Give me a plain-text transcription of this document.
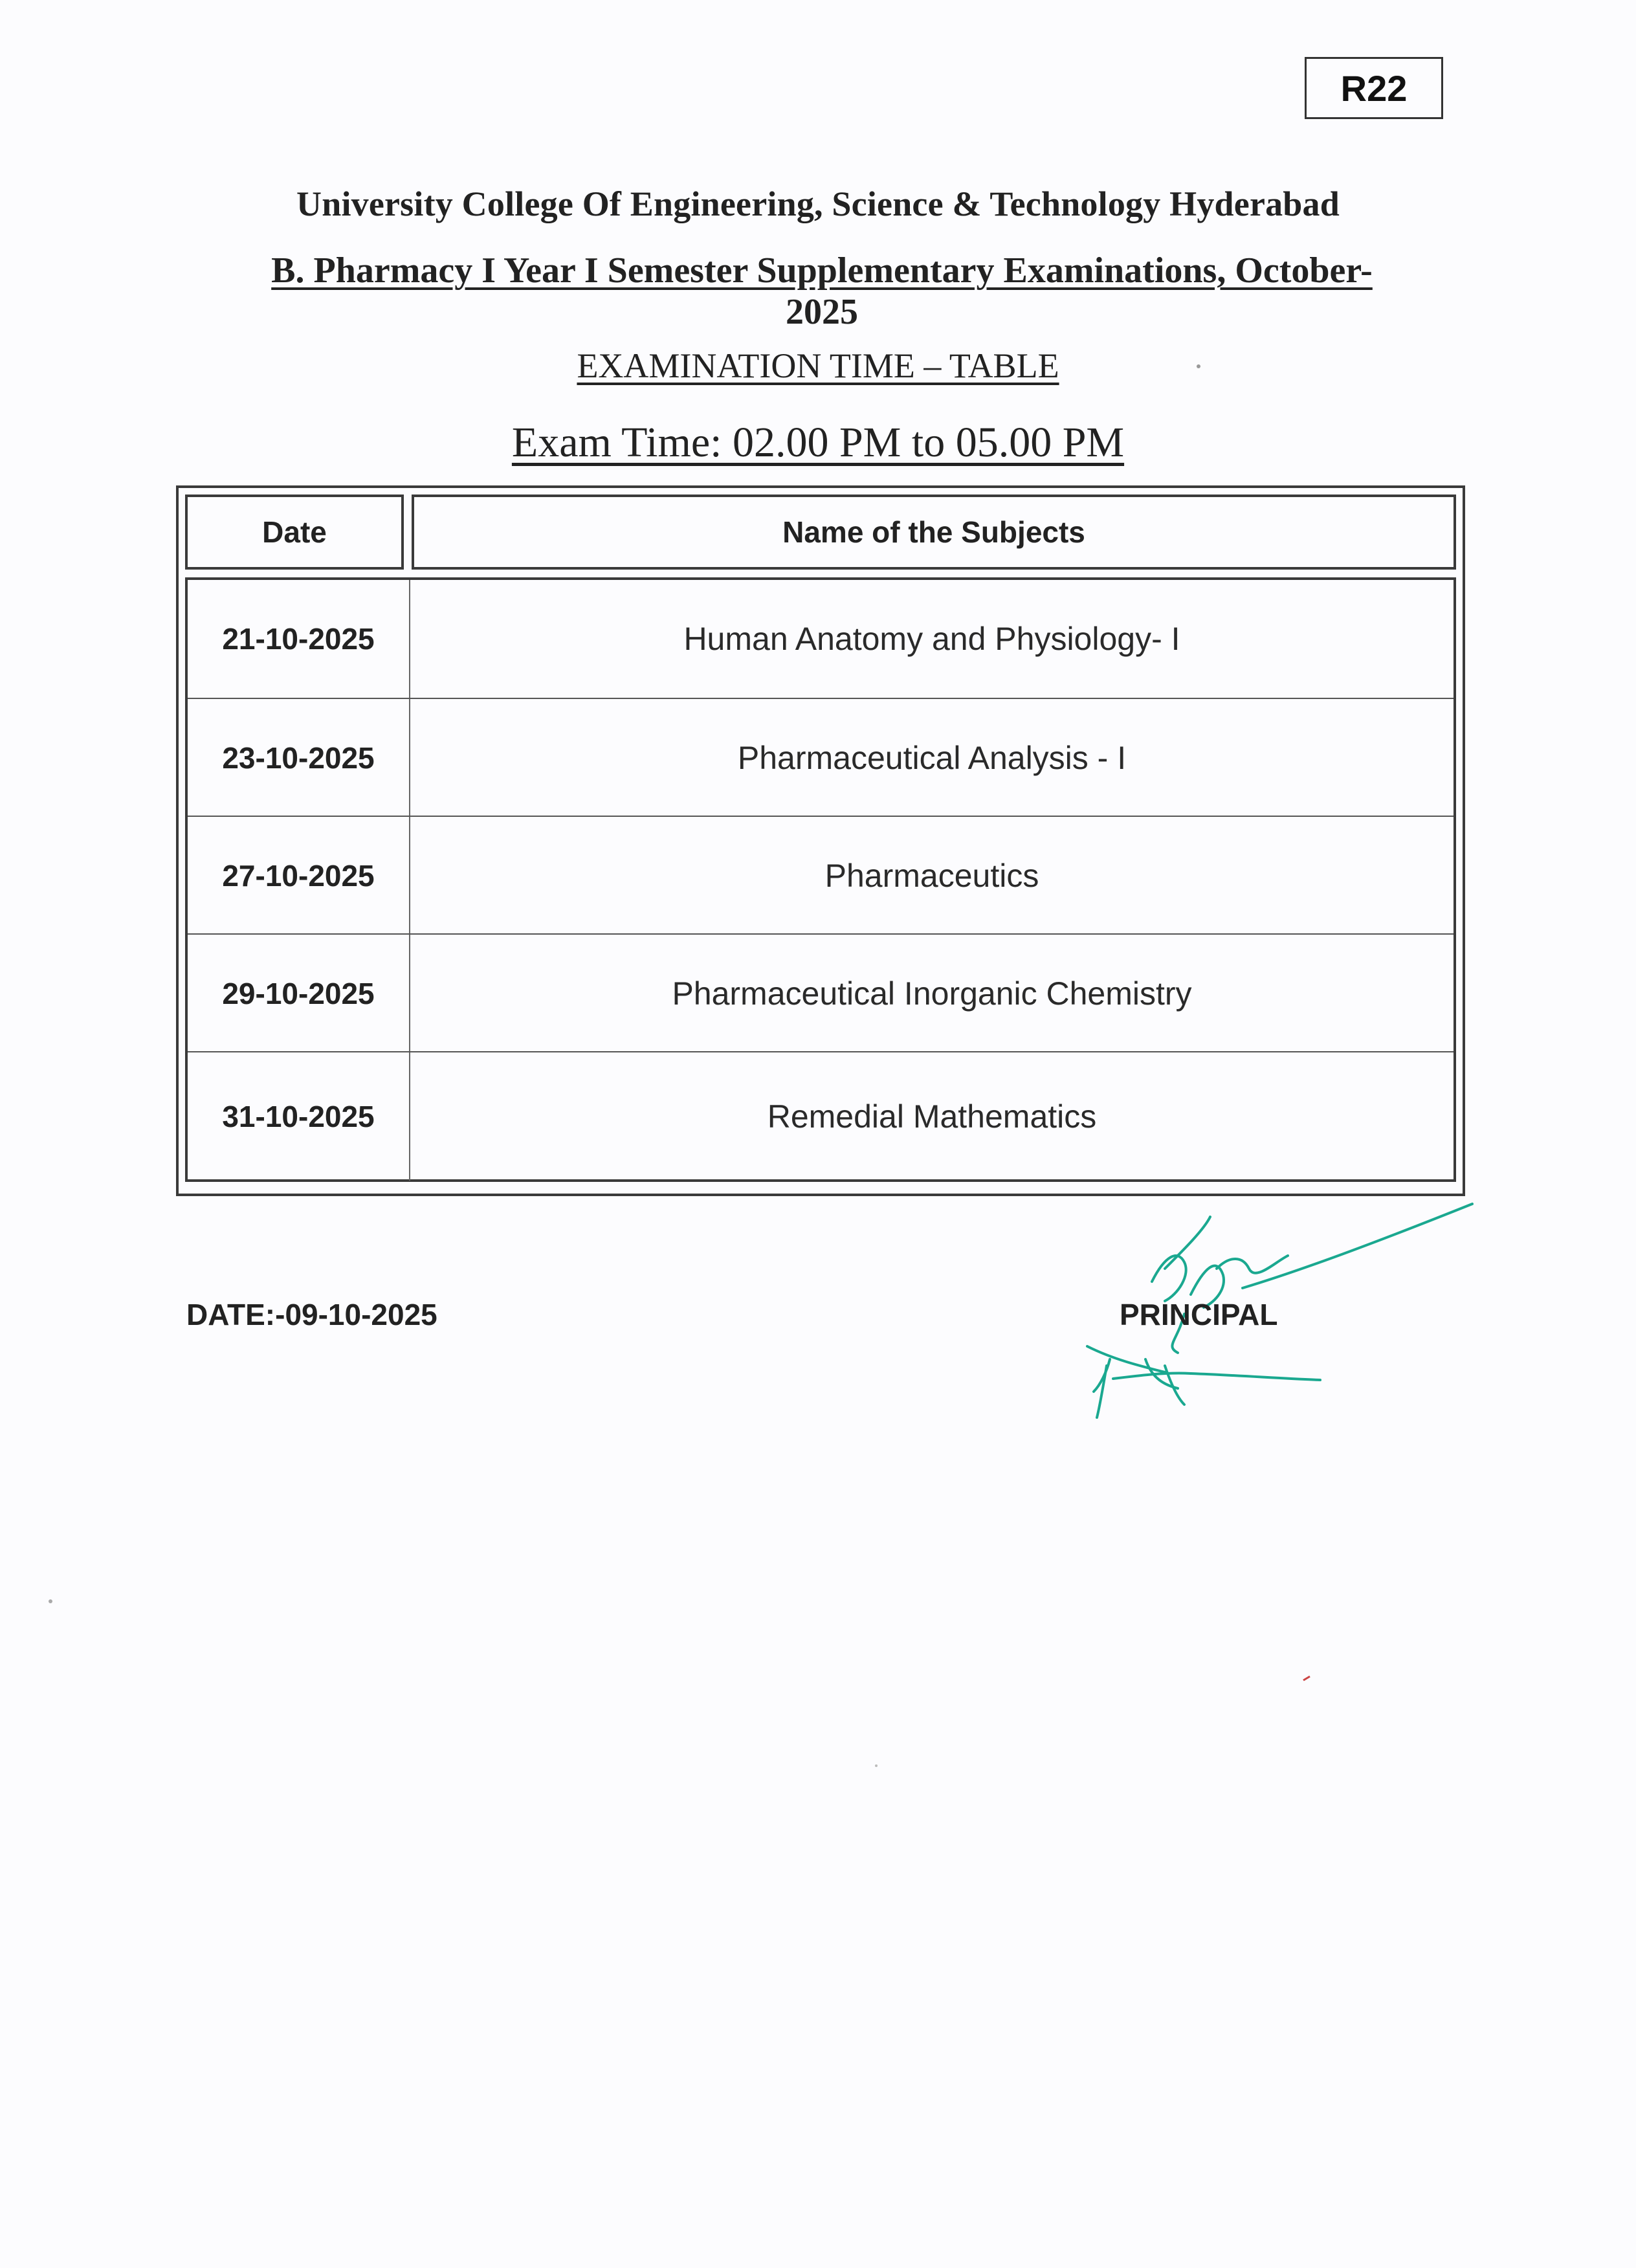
R22
University College Of Engineering, Science & Technology Hyderabad
B. Pharmacy I Year I Semester Supplementary Examinations, October-
2025
EXAMINATION TIME – TABLE
Exam Time: 02.00 PM to 05.00 PM
Date	Name of the Subjects
21-10-2025	Human Anatomy and Physiology- I
23-10-2025	Pharmaceutical Analysis - I
27-10-2025	Pharmaceutics
29-10-2025	Pharmaceutical Inorganic Chemistry
31-10-2025	Remedial Mathematics
DATE:-09-10-2025	PRINCIPAL
